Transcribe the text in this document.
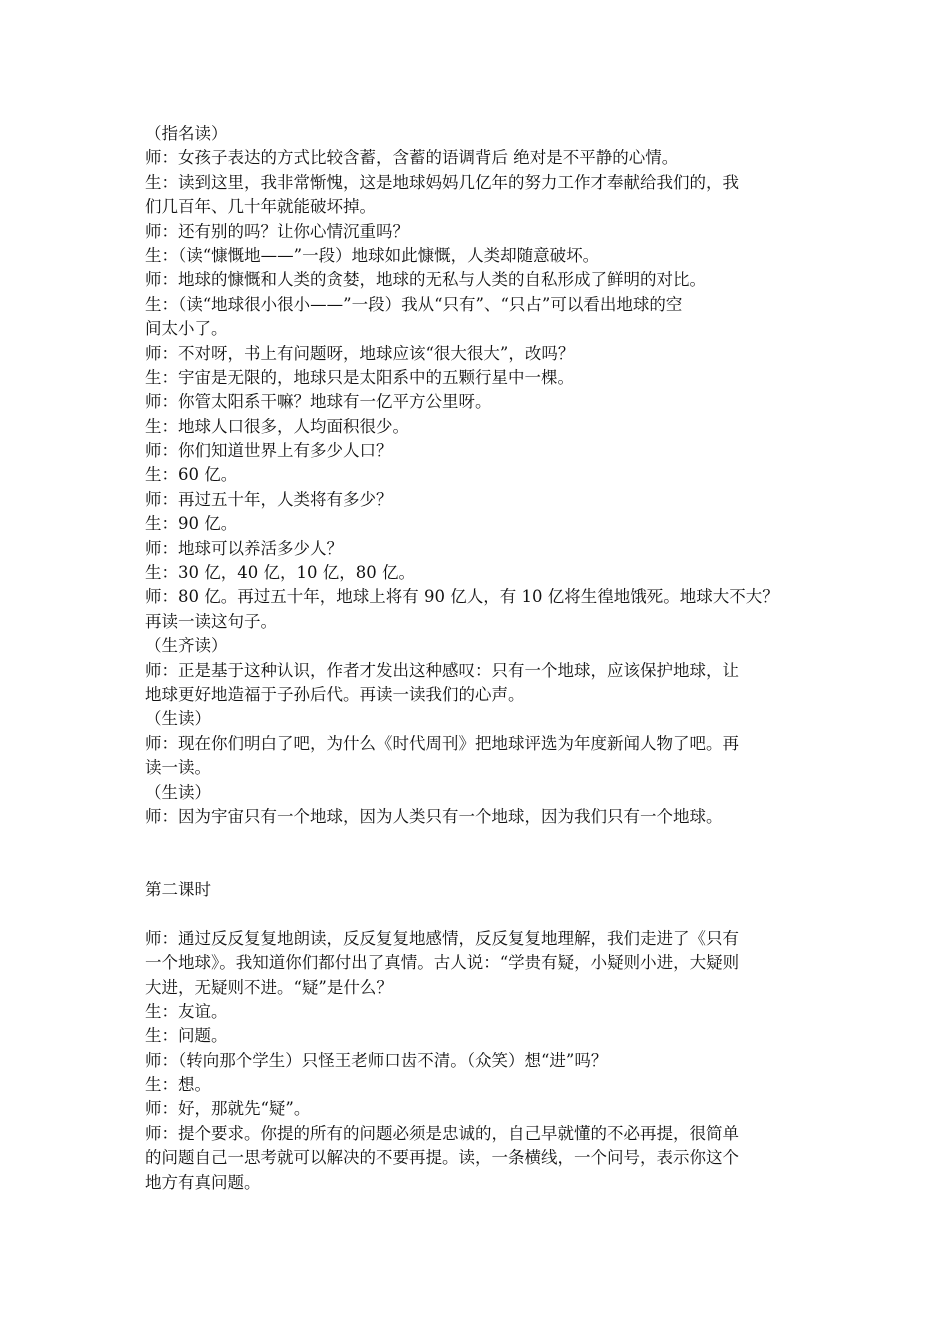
（指名读）
师：女孩子表达的方式比较含蓄，含蓄的语调背后 绝对是不平静的心情。
生：读到这里，我非常惭愧，这是地球妈妈几亿年的努力工作才奉献给我们的，我
们几百年、几十年就能破坏掉。
师：还有别的吗？让你心情沉重吗？
生：（读“慷慨地——”一段）地球如此慷慨，人类却随意破坏。
师：地球的慷慨和人类的贪婪，地球的无私与人类的自私形成了鲜明的对比。
生：（读“地球很小很小——”一段）我从“只有”、“只占”可以看出地球的空
间太小了。
师：不对呀，书上有问题呀，地球应该“很大很大”，改吗？
生：宇宙是无限的，地球只是太阳系中的五颗行星中一棵。
师：你管太阳系干嘛？地球有一亿平方公里呀。
生：地球人口很多，人均面积很少。
师：你们知道世界上有多少人口？
生：60 亿。
师：再过五十年，人类将有多少？
生：90 亿。
师：地球可以养活多少人？
生：30 亿，40 亿，10 亿，80 亿。
师：80 亿。再过五十年，地球上将有 90 亿人，有 10 亿将生徨地饿死。地球大不大？
再读一读这句子。
（生齐读）
师：正是基于这种认识，作者才发出这种感叹：只有一个地球，应该保护地球，让
地球更好地造福于子孙后代。再读一读我们的心声。
（生读）
师：现在你们明白了吧，为什么《时代周刊》把地球评选为年度新闻人物了吧。再
读一读。
（生读）
师：因为宇宙只有一个地球，因为人类只有一个地球，因为我们只有一个地球。
第二课时
师：通过反反复复地朗读，反反复复地感情，反反复复地理解，我们走进了《只有
一个地球》。我知道你们都付出了真情。古人说：“学贵有疑，小疑则小进，大疑则
大进，无疑则不进。“疑”是什么？
生：友谊。
生：问题。
师：（转向那个学生）只怪王老师口齿不清。（众笑）想“进”吗？
生：想。
师：好，那就先“疑”。
师：提个要求。你提的所有的问题必须是忠诚的，自己早就懂的不必再提，很简单
的问题自己一思考就可以解决的不要再提。读，一条横线，一个问号，表示你这个
地方有真问题。
